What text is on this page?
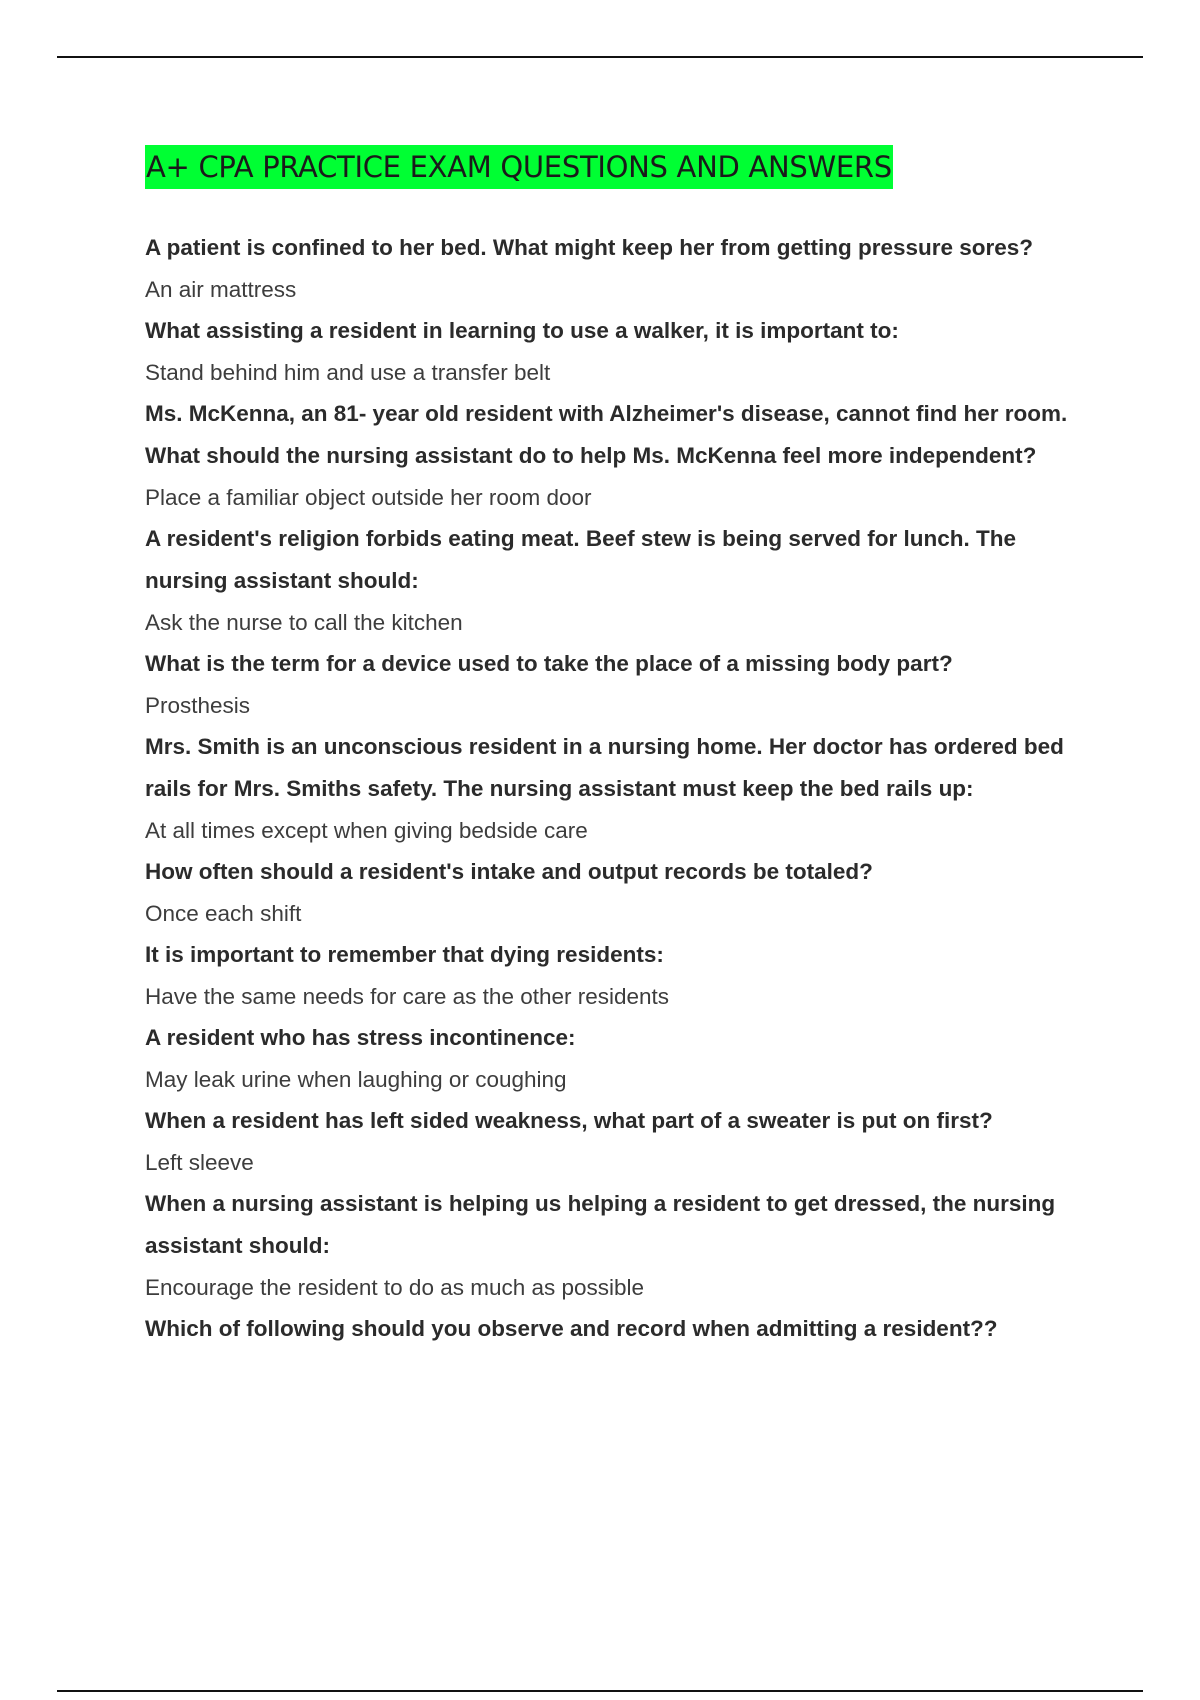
A+ CPA PRACTICE EXAM QUESTIONS AND ANSWERS

A patient is confined to her bed. What might keep her from getting pressure sores?

An air mattress

What assisting a resident in learning to use a walker, it is important to:

Stand behind him and use a transfer belt

Ms. McKenna, an 81- year old resident with Alzheimer's disease, cannot find her room. What should the nursing assistant do to help Ms. McKenna feel more independent?

Place a familiar object outside her room door

A resident's religion forbids eating meat. Beef stew is being served for lunch. The nursing assistant should:

Ask the nurse to call the kitchen

What is the term for a device used to take the place of a missing body part?

Prosthesis

Mrs. Smith is an unconscious resident in a nursing home. Her doctor has ordered bed rails for Mrs. Smiths safety. The nursing assistant must keep the bed rails up:

At all times except when giving bedside care

How often should a resident's intake and output records be totaled?

Once each shift

It is important to remember that dying residents:

Have the same needs for care as the other residents

A resident who has stress incontinence:

May leak urine when laughing or coughing

When a resident has left sided weakness, what part of a sweater is put on first?

Left sleeve

When a nursing assistant is helping us helping a resident to get dressed, the nursing assistant should:

Encourage the resident to do as much as possible

Which of following should you observe and record when admitting a resident??
